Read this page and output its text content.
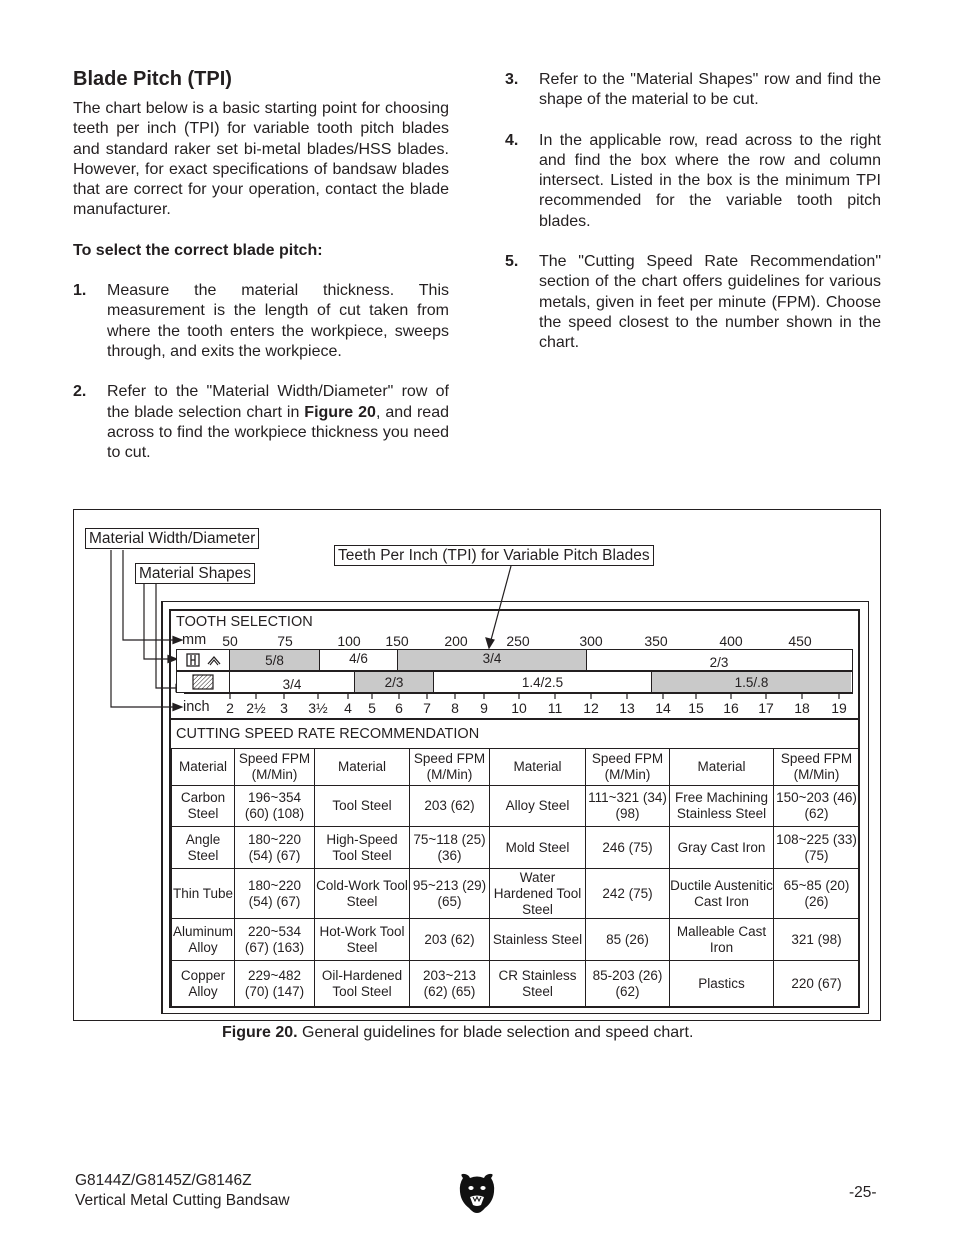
Blade Pitch (TPI)
The chart below is a basic starting point for choosing teeth per inch (TPI) for variable tooth pitch blades and standard raker set bi-metal blades/HSS blades. However, for exact specifications of bandsaw blades that are correct for your operation, contact the blade manufacturer.
To select the correct blade pitch:
1.	Measure the material thickness. This measurement is the length of cut taken from where the tooth enters the workpiece, sweeps through, and exits the workpiece.
2.	Refer to the "Material Width/Diameter" row of the blade selection chart in Figure 20, and read across to find the workpiece thickness you need to cut.
3.	Refer to the "Material Shapes" row and find the shape of the material to be cut.
4.	In the applicable row, read across to the right and find the box where the row and column intersect. Listed in the box is the minimum TPI recommended for the variable tooth pitch blades.
5.	The "Cutting Speed Rate Recommendation" section of the chart offers guidelines for various metals, given in feet per minute (FPM). Choose the speed closest to the number shown in the chart.
Material Width/Diameter
Material Shapes
Teeth Per Inch (TPI) for Variable Pitch Blades
TOOTH SELECTION
mm 50	75	100 150	200	250	300	350	400	450
5/8	4/6	3/4	2/3
3/4	2/3	1.4/2.5	1.5/.8
inch 2 2½ 3 3½ 4 5 6 7 8 9 10 11 12 13 14 15 16 17 18 19
CUTTING SPEED RATE RECOMMENDATION
Material	Speed FPM (M/Min)	Material	Speed FPM (M/Min)	Material	Speed FPM (M/Min)	Material	Speed FPM (M/Min)
Carbon Steel	196~354 (60) (108)	Tool Steel	203 (62)	Alloy Steel	111~321 (34) (98)	Free Machining Stainless Steel	150~203 (46) (62)
Angle Steel	180~220 (54) (67)	High-Speed Tool Steel	75~118 (25) (36)	Mold Steel	246 (75)	Gray Cast Iron	108~225 (33) (75)
Thin Tube	180~220 (54) (67)	Cold-Work Tool Steel	95~213 (29) (65)	Water Hardened Tool Steel	242 (75)	Ductile Austenitic Cast Iron	65~85 (20) (26)
Aluminum Alloy	220~534 (67) (163)	Hot-Work Tool Steel	203 (62)	Stainless Steel	85 (26)	Malleable Cast Iron	321 (98)
Copper Alloy	229~482 (70) (147)	Oil-Hardened Tool Steel	203~213 (62) (65)	CR Stainless Steel	85-203 (26) (62)	Plastics	220 (67)
Figure 20. General guidelines for blade selection and speed chart.
G8144Z/G8145Z/G8146Z
Vertical Metal Cutting Bandsaw	-25-
